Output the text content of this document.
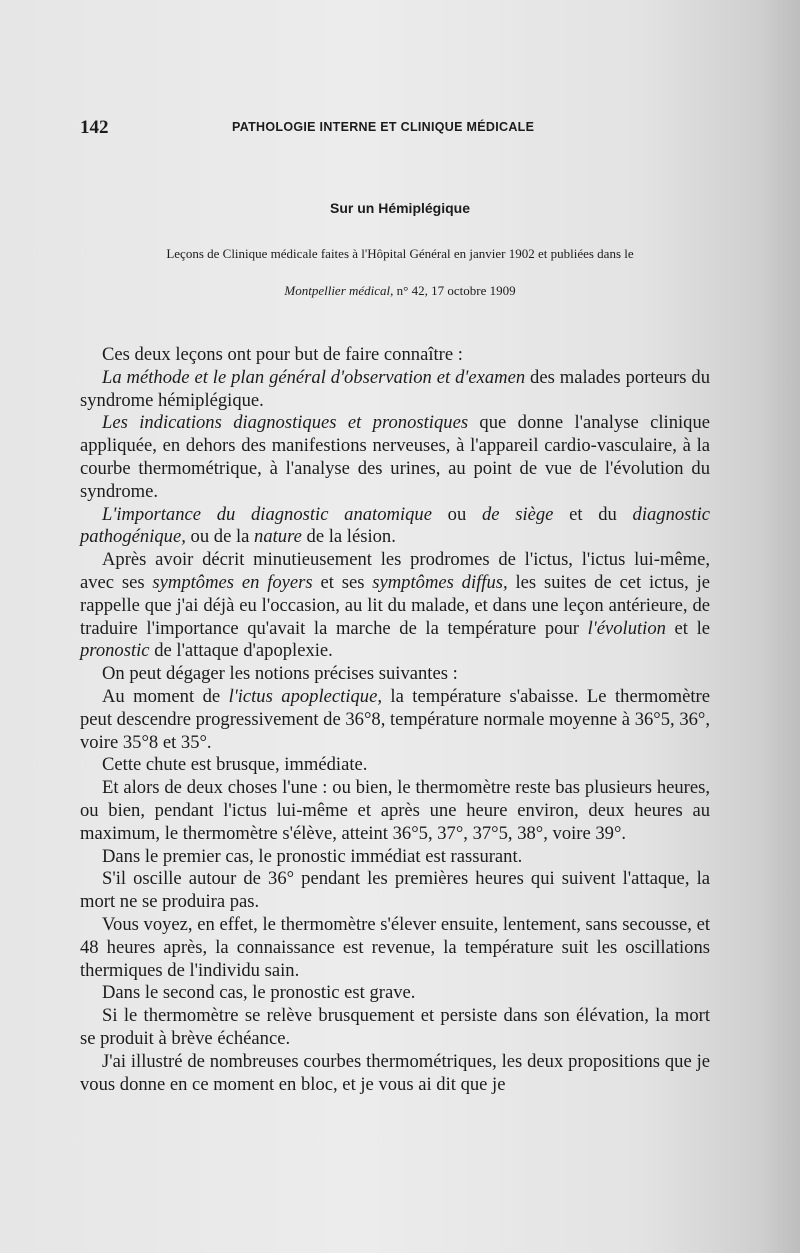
142	PATHOLOGIE INTERNE ET CLINIQUE MÉDICALE
Sur un Hémiplégique
Leçons de Clinique médicale faites à l'Hôpital Général en janvier 1902 et publiées dans le
Montpellier médical, n° 42, 17 octobre 1909

Ces deux leçons ont pour but de faire connaître :

La méthode et le plan général d'observation et d'examen des malades porteurs du syndrome hémiplégique.

Les indications diagnostiques et pronostiques que donne l'analyse clinique appliquée, en dehors des manifestions nerveuses, à l'appareil cardio-vasculaire, à la courbe thermométrique, à l'analyse des urines, au point de vue de l'évolution du syndrome.

L'importance du diagnostic anatomique ou de siège et du diagnostic pathogénique, ou de la nature de la lésion.

Après avoir décrit minutieusement les prodromes de l'ictus, l'ictus lui-même, avec ses symptômes en foyers et ses symptômes diffus, les suites de cet ictus, je rappelle que j'ai déjà eu l'occasion, au lit du malade, et dans une leçon antérieure, de traduire l'importance qu'avait la marche de la température pour l'évolution et le pronostic de l'attaque d'apoplexie.

On peut dégager les notions précises suivantes :

Au moment de l'ictus apoplectique, la température s'abaisse. Le thermomètre peut descendre progressivement de 36°8, température normale moyenne à 36°5, 36°, voire 35°8 et 35°.

Cette chute est brusque, immédiate.

Et alors de deux choses l'une : ou bien, le thermomètre reste bas plusieurs heures, ou bien, pendant l'ictus lui-même et après une heure environ, deux heures au maximum, le thermomètre s'élève, atteint 36°5, 37°, 37°5, 38°, voire 39°.

Dans le premier cas, le pronostic immédiat est rassurant.

S'il oscille autour de 36° pendant les premières heures qui suivent l'attaque, la mort ne se produira pas.

Vous voyez, en effet, le thermomètre s'élever ensuite, lentement, sans secousse, et 48 heures après, la connaissance est revenue, la température suit les oscillations thermiques de l'individu sain.

Dans le second cas, le pronostic est grave.

Si le thermomètre se relève brusquement et persiste dans son élévation, la mort se produit à brève échéance.

J'ai illustré de nombreuses courbes thermométriques, les deux propositions que je vous donne en ce moment en bloc, et je vous ai dit que je
